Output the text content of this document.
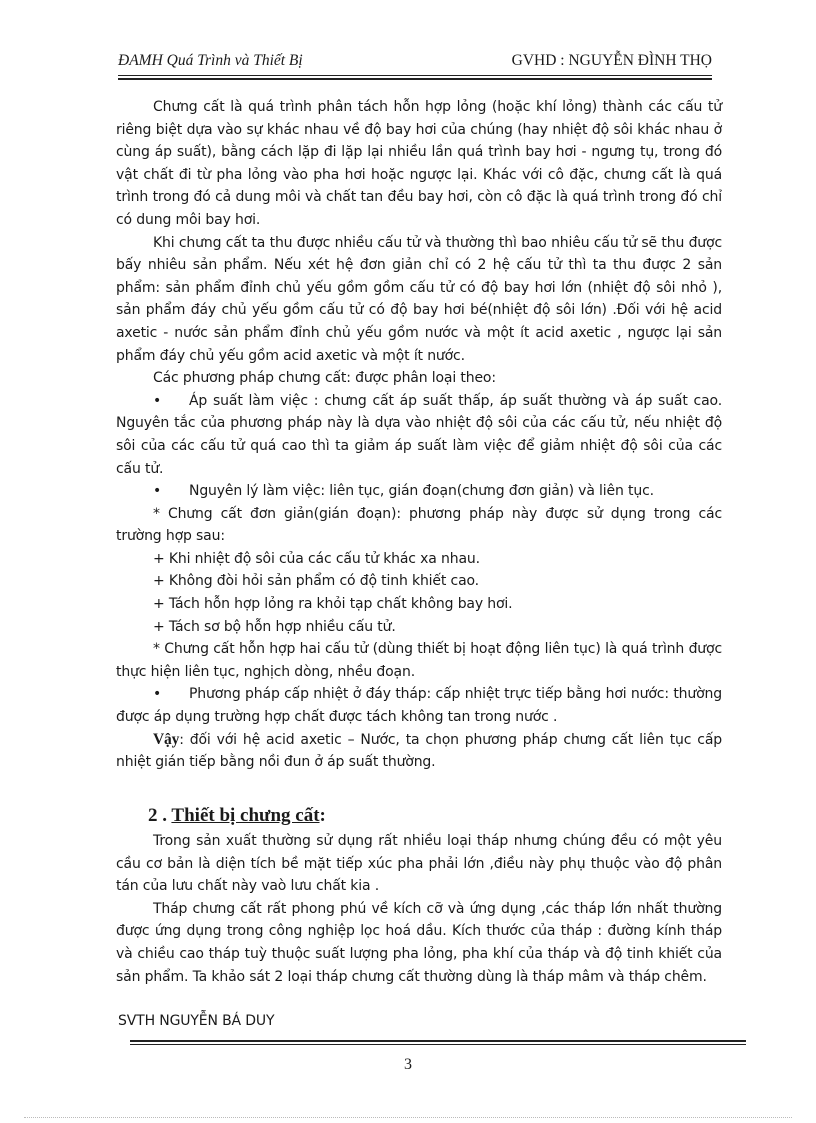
ĐAMH Quá Trình và Thiết Bị	GVHD : NGUYỄN ĐÌNH THỌ

Chưng cất là quá trình phân tách hỗn hợp lỏng (hoặc khí lỏng) thành các cấu tử riêng biệt dựa vào sự khác nhau về độ bay hơi của chúng (hay nhiệt độ sôi khác nhau ở cùng áp suất), bằng cách lặp đi lặp lại nhiều lần quá trình bay hơi - ngưng tụ, trong đó vật chất đi từ pha lỏng vào pha hơi hoặc ngược lại. Khác với cô đặc, chưng cất là quá trình trong đó cả dung môi và chất tan đều bay hơi, còn cô đặc là quá trình trong đó chỉ có dung môi bay hơi.

Khi chưng cất ta thu được nhiều cấu tử và thường thì bao nhiêu cấu tử sẽ thu được bấy nhiêu sản phẩm. Nếu xét hệ đơn giản chỉ có 2 hệ cấu tử thì ta thu được 2 sản phẩm: sản phẩm đỉnh chủ yếu gồm gồm cấu tử có độ bay hơi lớn (nhiệt độ sôi nhỏ ), sản phẩm đáy chủ yếu gồm cấu tử có độ bay hơi bé(nhiệt độ sôi lớn) .Đối với hệ acid axetic - nước sản phẩm đỉnh chủ yếu gồm nước và một ít acid axetic , ngược lại sản phẩm đáy chủ yếu gồm acid axetic và một ít nước.

Các phương pháp chưng cất: được phân loại theo:

• Áp suất làm việc : chưng cất áp suất thấp, áp suất thường và áp suất cao. Nguyên tắc của phương pháp này là dựa vào nhiệt độ sôi của các cấu tử, nếu nhiệt độ sôi của các cấu tử quá cao thì ta giảm áp suất làm việc để giảm nhiệt độ sôi của các cấu tử.

• Nguyên lý làm việc: liên tục, gián đoạn(chưng đơn giản) và liên tục.

* Chưng cất đơn giản(gián đoạn): phương pháp này được sử dụng trong các trường hợp sau:

+ Khi nhiệt độ sôi của các cấu tử khác xa nhau.

+ Không đòi hỏi sản phẩm có độ tinh khiết cao.

+ Tách hỗn hợp lỏng ra khỏi tạp chất không bay hơi.

+ Tách sơ bộ hỗn hợp nhiều cấu tử.

* Chưng cất hỗn hợp hai cấu tử (dùng thiết bị hoạt động liên tục) là quá trình được thực hiện liên tục, nghịch dòng, nhều đoạn.

• Phương pháp cấp nhiệt ở đáy tháp: cấp nhiệt trực tiếp bằng hơi nước: thường được áp dụng trường hợp chất được tách không tan trong nước .

Vậy: đối với hệ acid axetic – Nước, ta chọn phương pháp chưng cất liên tục cấp nhiệt gián tiếp bằng nồi đun ở áp suất thường.

2 . Thiết bị chưng cất:

Trong sản xuất thường sử dụng rất nhiều loại tháp nhưng chúng đều có một yêu cầu cơ bản là diện tích bề mặt tiếp xúc pha phải lớn ,điều này phụ thuộc vào độ phân tán của lưu chất này vaò lưu chất kia .

Tháp chưng cất rất phong phú về kích cỡ và ứng dụng ,các tháp lớn nhất thường được ứng dụng trong công nghiệp lọc hoá dầu. Kích thước của tháp : đường kính tháp và chiều cao tháp tuỳ thuộc suất lượng pha lỏng, pha khí của tháp và độ tinh khiết của sản phẩm. Ta khảo sát 2 loại tháp chưng cất thường dùng là tháp mâm và tháp chêm.

SVTH NGUYỄN BÁ DUY
3
